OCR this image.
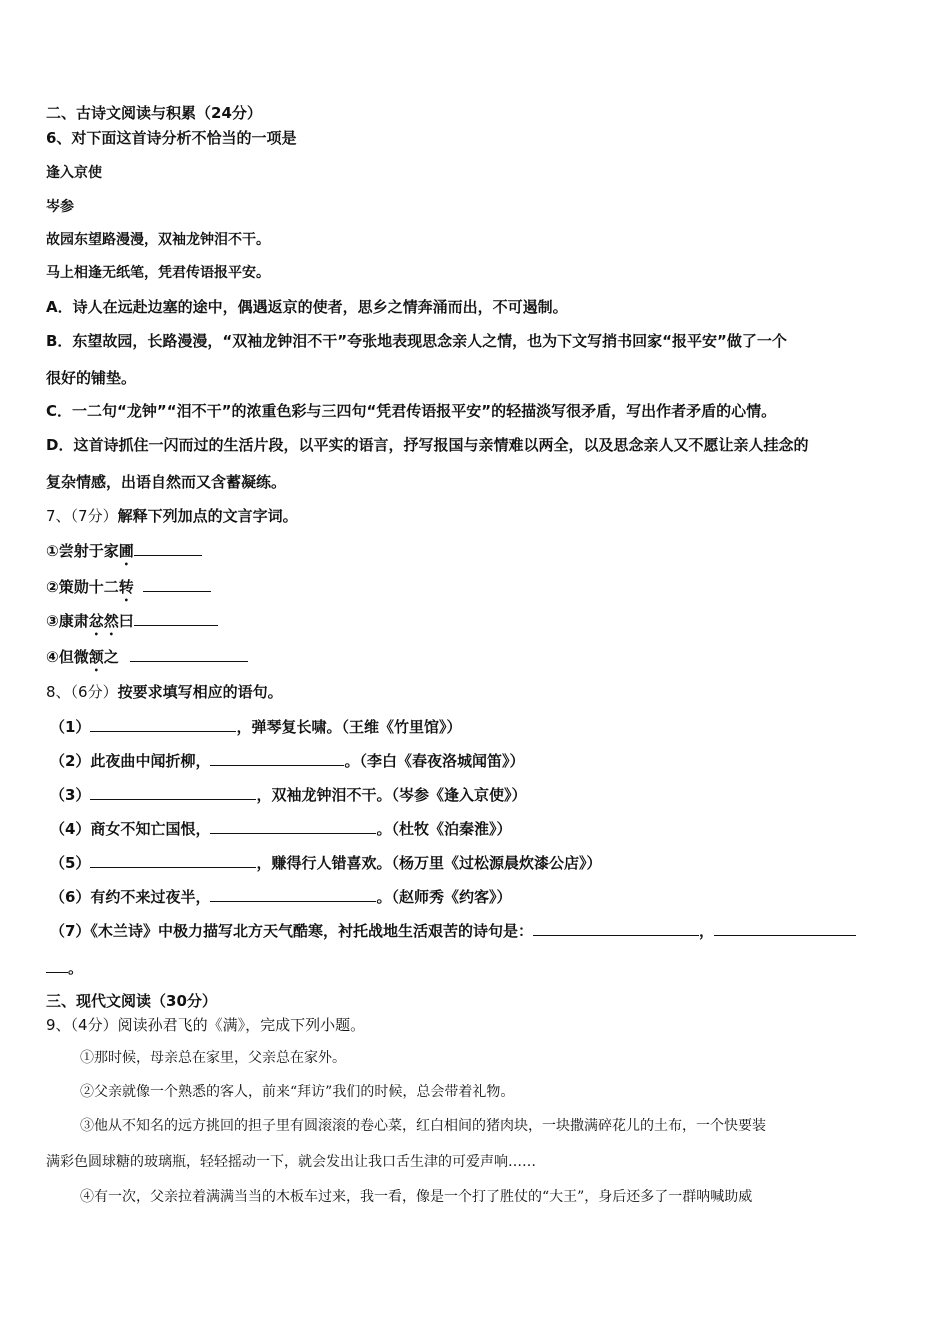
二、古诗文阅读与积累（24分）
6、对下面这首诗分析不恰当的一项是
逢入京使
岑参
故园东望路漫漫，双袖龙钟泪不干。
马上相逢无纸笔，凭君传语报平安。
A．诗人在远赴边塞的途中，偶遇返京的使者，思乡之情奔涌而出，不可遏制。
B．东望故园，长路漫漫，“双袖龙钟泪不干”夸张地表现思念亲人之情，也为下文写捎书回家“报平安”做了一个
很好的铺垫。
C．一二句“龙钟”“泪不干”的浓重色彩与三四句“凭君传语报平安”的轻描淡写很矛盾，写出作者矛盾的心情。
D．这首诗抓住一闪而过的生活片段，以平实的语言，抒写报国与亲情难以两全，以及思念亲人又不愿让亲人挂念的
复杂情感，出语自然而又含蓄凝练。
7、（7分）解释下列加点的文言字词。
①尝射于家圃
②策勋十二转
③康肃忿然曰
④但微颔之
8、（6分）按要求填写相应的语句。
（1）	，弹琴复长啸。（王维《竹里馆》）
（2）此夜曲中闻折柳，	。（李白《春夜洛城闻笛》）
（3）	，双袖龙钟泪不干。（岑参《逢入京使》）
（4）商女不知亡国恨，	。（杜牧《泊秦淮》）
（5）	，赚得行人错喜欢。（杨万里《过松源晨炊漆公店》）
（6）有约不来过夜半，	。（赵师秀《约客》）
（7）《木兰诗》中极力描写北方天气酷寒，衬托战地生活艰苦的诗句是：	，
。
三、现代文阅读（30分）
9、（4分）阅读孙君飞的《满》，完成下列小题。
①那时候，母亲总在家里，父亲总在家外。
②父亲就像一个熟悉的客人，前来“拜访”我们的时候，总会带着礼物。
③他从不知名的远方挑回的担子里有圆滚滚的卷心菜，红白相间的猪肉块，一块撒满碎花儿的土布，一个快要装
满彩色圆球糖的玻璃瓶，轻轻摇动一下，就会发出让我口舌生津的可爱声响……
④有一次，父亲拉着满满当当的木板车过来，我一看，像是一个打了胜仗的“大王”，身后还多了一群呐喊助威
